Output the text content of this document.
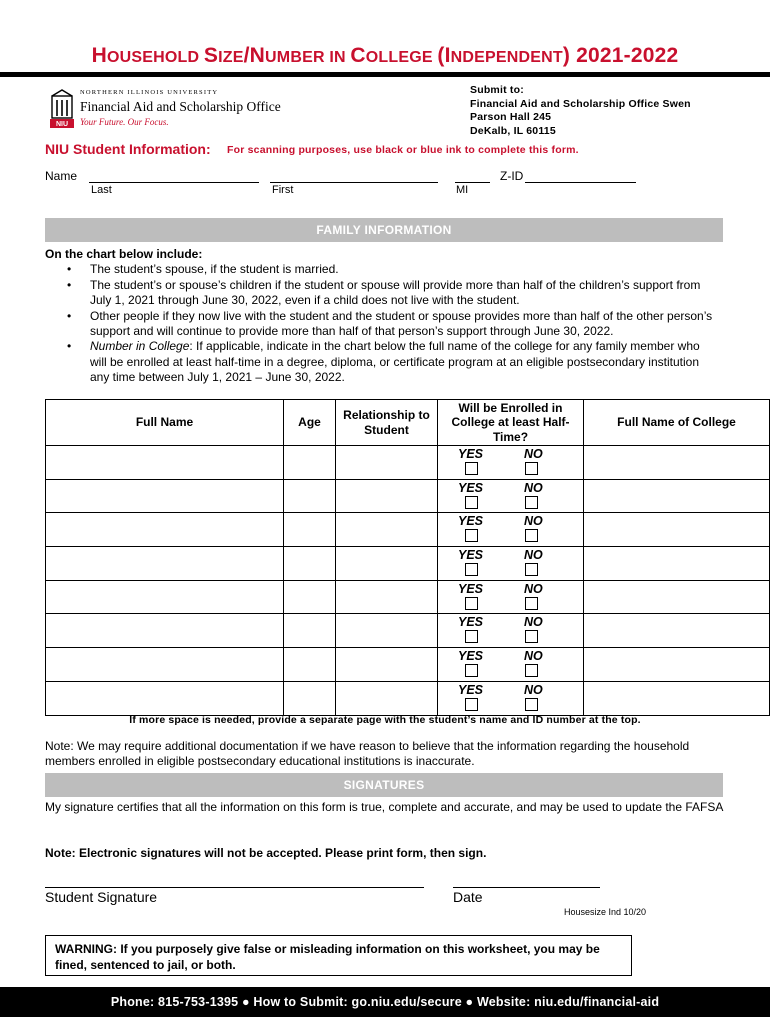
HOUSEHOLD SIZE/NUMBER IN COLLEGE (INDEPENDENT) 2021-2022
NIU
NORTHERN ILLINOIS UNIVERSITY
Financial Aid and Scholarship Office
Your Future. Our Focus.
Submit to:
Financial Aid and Scholarship Office Swen
Parson Hall 245
DeKalb, IL 60115
NIU Student Information: For scanning purposes, use black or blue ink to complete this form.
Name	Z-ID
Last	First	MI
FAMILY INFORMATION
On the chart below include:
• The student’s spouse, if the student is married.
• The student’s or spouse’s children if the student or spouse will provide more than half of the children’s support from July 1, 2021 through June 30, 2022, even if a child does not live with the student.
• Other people if they now live with the student and the student or spouse provides more than half of the other person’s support and will continue to provide more than half of that person’s support through June 30, 2022.
• Number in College: If applicable, indicate in the chart below the full name of the college for any family member who will be enrolled at least half-time in a degree, diploma, or certificate program at an eligible postsecondary institution any time between July 1, 2021 – June 30, 2022.
Full Name	Age	Relationship to Student	Will be Enrolled in College at least Half-Time?	Full Name of College

			YES NO	

			YES NO	

			YES NO	

			YES NO	

			YES NO	

			YES NO	

			YES NO	

			YES NO	

If more space is needed, provide a separate page with the student’s name and ID number at the top.
Note: We may require additional documentation if we have reason to believe that the information regarding the household members enrolled in eligible postsecondary educational institutions is inaccurate.
SIGNATURES
My signature certifies that all the information on this form is true, complete and accurate, and may be used to update the FAFSA
Note: Electronic signatures will not be accepted. Please print form, then sign.
Student Signature	Date
Housesize Ind 10/20
WARNING: If you purposely give false or misleading information on this worksheet, you may be fined, sentenced to jail, or both.
Phone: 815-753-1395 ● How to Submit: go.niu.edu/secure ● Website: niu.edu/financial-aid
